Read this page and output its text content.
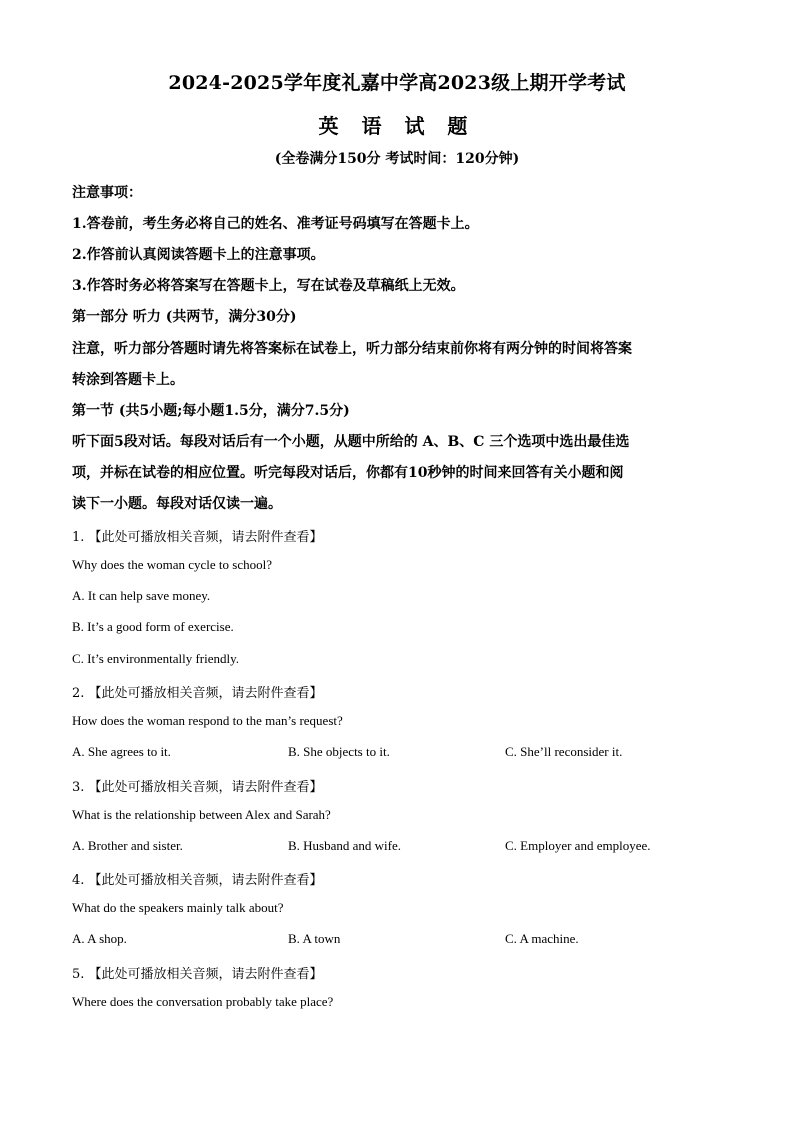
2024-2025学年度礼嘉中学高2023级上期开学考试
英 语 试 题
(全卷满分150分 考试时间：120分钟)
注意事项：
1.答卷前，考生务必将自己的姓名、准考证号码填写在答题卡上。
2.作答前认真阅读答题卡上的注意事项。
3.作答时务必将答案写在答题卡上，写在试卷及草稿纸上无效。
第一部分 听力 (共两节，满分30分)
注意，听力部分答题时请先将答案标在试卷上，听力部分结束前你将有两分钟的时间将答案
转涂到答题卡上。
第一节 (共5小题;每小题1.5分，满分7.5分)
听下面5段对话。每段对话后有一个小题，从题中所给的 A、B、C 三个选项中选出最佳选
项，并标在试卷的相应位置。听完每段对话后，你都有10秒钟的时间来回答有关小题和阅
读下一小题。每段对话仅读一遍。
1. 【此处可播放相关音频，请去附件查看】
Why does the woman cycle to school?
A. It can help save money.
B. It’s a good form of exercise.
C. It’s environmentally friendly.
2. 【此处可播放相关音频，请去附件查看】
How does the woman respond to the man’s request?
A. She agrees to it.	B. She objects to it.	C. She’ll reconsider it.
3. 【此处可播放相关音频，请去附件查看】
What is the relationship between Alex and Sarah?
A. Brother and sister.	B. Husband and wife.	C. Employer and employee.
4. 【此处可播放相关音频，请去附件查看】
What do the speakers mainly talk about?
A. A shop.	B. A town	C. A machine.
5. 【此处可播放相关音频，请去附件查看】
Where does the conversation probably take place?
